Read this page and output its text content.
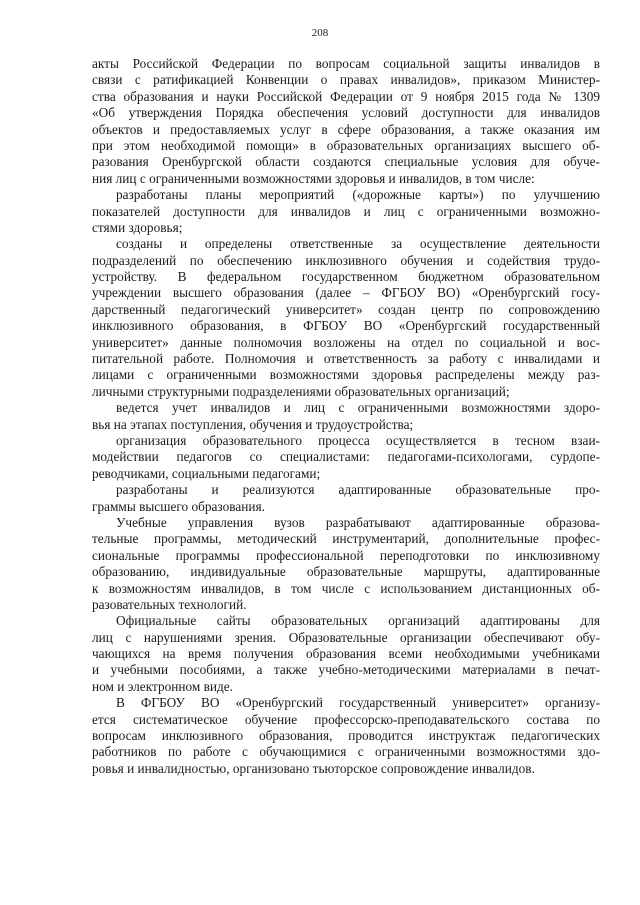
208
акты Российской Федерации по вопросам социальной защиты инвалидов в
связи с ратификацией Конвенции о правах инвалидов», приказом Министер-
ства образования и науки Российской Федерации от 9 ноября 2015 года № 1309
«Об утверждения Порядка обеспечения условий доступности для инвалидов
объектов и предоставляемых услуг в сфере образования, а также оказания им
при этом необходимой помощи» в образовательных организациях высшего об-
разования Оренбургской области создаются специальные условия для обуче-
ния лиц с ограниченными возможностями здоровья и инвалидов, в том числе:
разработаны планы мероприятий («дорожные карты») по улучшению
показателей доступности для инвалидов и лиц с ограниченными возможно-
стями здоровья;
созданы и определены ответственные за осуществление деятельности
подразделений по обеспечению инклюзивного обучения и содействия трудо-
устройству. В федеральном государственном бюджетном образовательном
учреждении высшего образования (далее – ФГБОУ ВО) «Оренбургский госу-
дарственный педагогический университет» создан центр по сопровождению
инклюзивного образования, в ФГБОУ ВО «Оренбургский государственный
университет» данные полномочия возложены на отдел по социальной и вос-
питательной работе. Полномочия и ответственность за работу с инвалидами и
лицами с ограниченными возможностями здоровья распределены между раз-
личными структурными подразделениями образовательных организаций;
ведется учет инвалидов и лиц с ограниченными возможностями здоро-
вья на этапах поступления, обучения и трудоустройства;
организация образовательного процесса осуществляется в тесном взаи-
модействии педагогов со специалистами: педагогами-психологами, сурдопе-
реводчиками, социальными педагогами;
разработаны и реализуются адаптированные образовательные про-
граммы высшего образования.
Учебные управления вузов разрабатывают адаптированные образова-
тельные программы, методический инструментарий, дополнительные профес-
сиональные программы профессиональной переподготовки по инклюзивному
образованию, индивидуальные образовательные маршруты, адаптированные
к возможностям инвалидов, в том числе с использованием дистанционных об-
разовательных технологий.
Официальные сайты образовательных организаций адаптированы для
лиц с нарушениями зрения. Образовательные организации обеспечивают обу-
чающихся на время получения образования всеми необходимыми учебниками
и учебными пособиями, а также учебно-методическими материалами в печат-
ном и электронном виде.
В ФГБОУ ВО «Оренбургский государственный университет» организу-
ется систематическое обучение профессорско-преподавательского состава по
вопросам инклюзивного образования, проводится инструктаж педагогических
работников по работе с обучающимися с ограниченными возможностями здо-
ровья и инвалидностью, организовано тьюторское сопровождение инвалидов.
